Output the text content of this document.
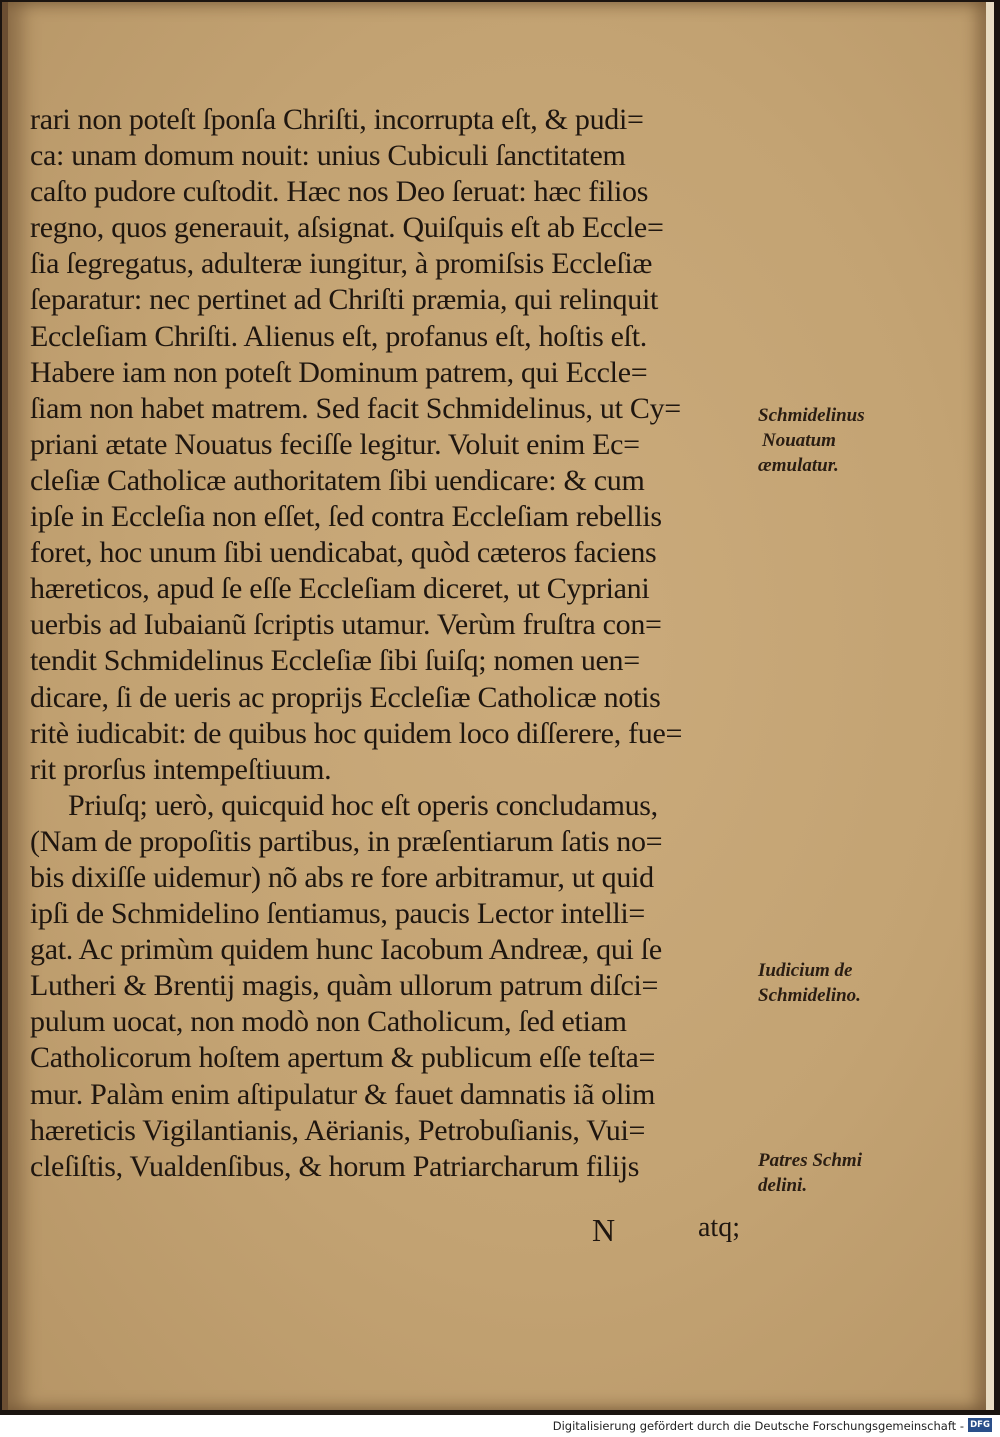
rari non poteſt ſponſa Chriſti, incorrupta eſt, & pudi=
ca: unam domum nouit: unius Cubiculi ſanctitatem
caſto pudore cuſtodit. Hæc nos Deo ſeruat: hæc filios
regno, quos generauit, aſsignat. Quiſquis eſt ab Eccle=
ſia ſegregatus, adulteræ iungitur, à promiſsis Eccleſiæ
ſeparatur: nec pertinet ad Chriſti præmia, qui relinquit
Eccleſiam Chriſti. Alienus eſt, profanus eſt, hoſtis eſt.
Habere iam non poteſt Dominum patrem, qui Eccle=
ſiam non habet matrem. Sed facit Schmidelinus, ut Cy=
priani ætate Nouatus feciſſe legitur. Voluit enim Ec=
cleſiæ Catholicæ authoritatem ſibi uendicare: & cum
ipſe in Eccleſia non eſſet, ſed contra Eccleſiam rebellis
foret, hoc unum ſibi uendicabat, quòd cæteros faciens
hæreticos, apud ſe eſſe Eccleſiam diceret, ut Cypriani
uerbis ad Iubaianũ ſcriptis utamur. Verùm fruſtra con=
tendit Schmidelinus Eccleſiæ ſibi ſuiſq; nomen uen=
dicare, ſi de ueris ac proprijs Eccleſiæ Catholicæ notis
ritè iudicabit: de quibus hoc quidem loco diſſerere, fue=
rit prorſus intempeſtiuum.
Priuſq; uerò, quicquid hoc eſt operis concludamus,
(Nam de propoſitis partibus, in præſentiarum ſatis no=
bis dixiſſe uidemur) nõ abs re fore arbitramur, ut quid
ipſi de Schmidelino ſentiamus, paucis Lector intelli=
gat. Ac primùm quidem hunc Iacobum Andreæ, qui ſe
Lutheri & Brentij magis, quàm ullorum patrum diſci=
pulum uocat, non modò non Catholicum, ſed etiam
Catholicorum hoſtem apertum & publicum eſſe teſta=
mur. Palàm enim aſtipulatur & fauet damnatis iã olim
hæreticis Vigilantianis, Aërianis, Petrobuſianis, Vui=
cleſiſtis, Vualdenſibus, & horum Patriarcharum filijs
Schmidelinus
Nouatum
æmulatur.
Iudicium de
Schmidelino.
Patres Schmi
delini.
N	atq;
Digitalisierung gefördert durch die Deutsche Forschungsgemeinschaft - DFG
